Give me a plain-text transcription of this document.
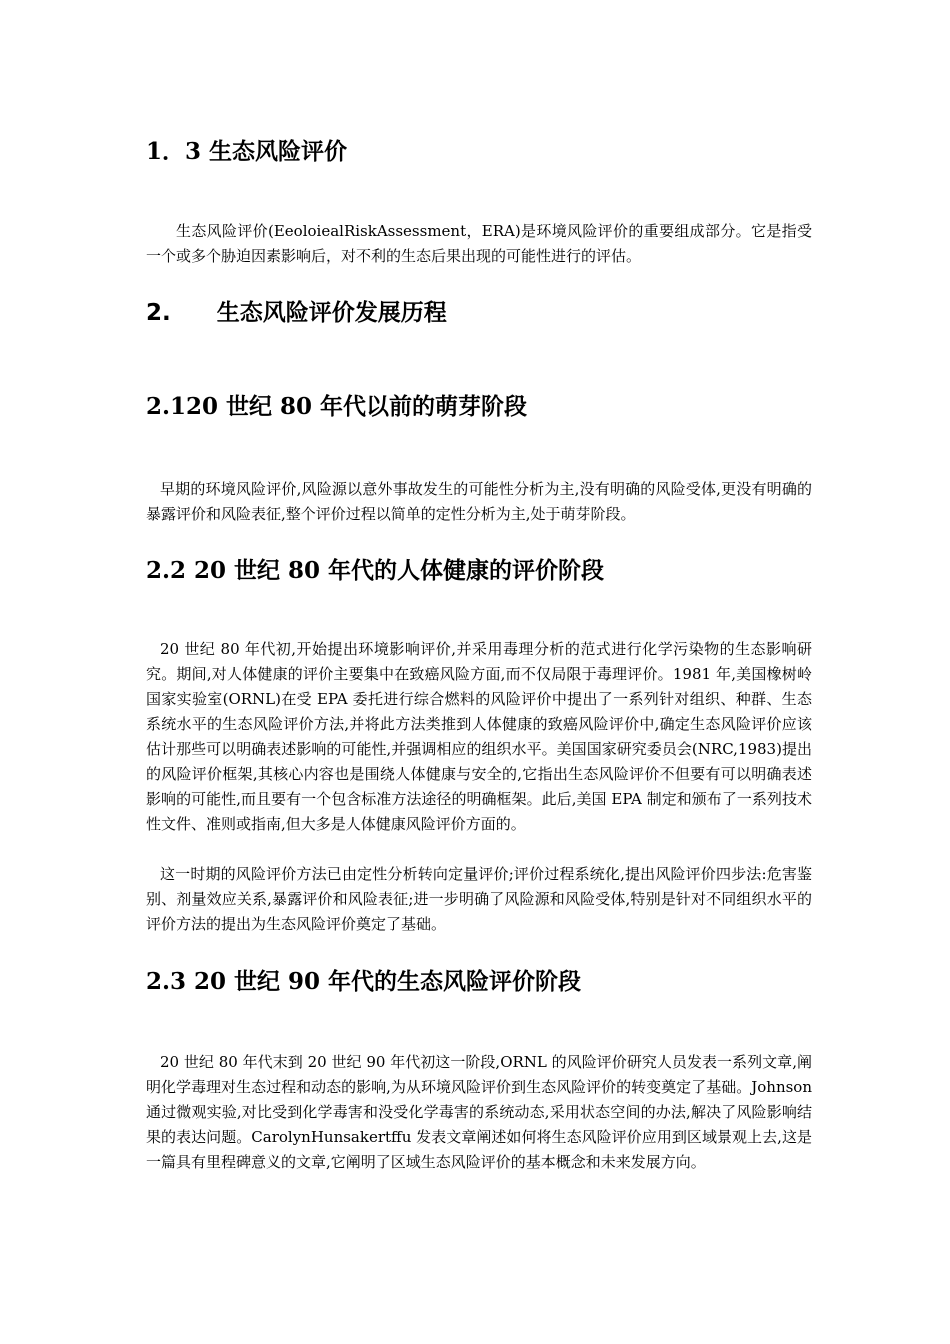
1．3 生态风险评价

生态风险评价(EeoloiealRiskAssessment，ERA)是环境风险评价的重要组成部分。它是指受一个或多个胁迫因素影响后，对不利的生态后果出现的可能性进行的评估。

2. 生态风险评价发展历程
2.120 世纪 80 年代以前的萌芽阶段

早期的环境风险评价,风险源以意外事故发生的可能性分析为主,没有明确的风险受体,更没有明确的暴露评价和风险表征,整个评价过程以简单的定性分析为主,处于萌芽阶段。

2.2 20 世纪 80 年代的人体健康的评价阶段

20 世纪 80 年代初,开始提出环境影响评价,并采用毒理分析的范式进行化学污染物的生态影响研究。期间,对人体健康的评价主要集中在致癌风险方面,而不仅局限于毒理评价。1981 年,美国橡树岭国家实验室(ORNL)在受 EPA 委托进行综合燃料的风险评价中提出了一系列针对组织、种群、生态系统水平的生态风险评价方法,并将此方法类推到人体健康的致癌风险评价中,确定生态风险评价应该估计那些可以明确表述影响的可能性,并强调相应的组织水平。美国国家研究委员会(NRC,1983)提出的风险评价框架,其核心内容也是围绕人体健康与安全的,它指出生态风险评价不但要有可以明确表述影响的可能性,而且要有一个包含标准方法途径的明确框架。此后,美国 EPA 制定和颁布了一系列技术性文件、准则或指南,但大多是人体健康风险评价方面的。

这一时期的风险评价方法已由定性分析转向定量评价;评价过程系统化,提出风险评价四步法:危害鉴别、剂量效应关系,暴露评价和风险表征;进一步明确了风险源和风险受体,特别是针对不同组织水平的评价方法的提出为生态风险评价奠定了基础。

2.3 20 世纪 90 年代的生态风险评价阶段

20 世纪 80 年代末到 20 世纪 90 年代初这一阶段,ORNL 的风险评价研究人员发表一系列文章,阐明化学毒理对生态过程和动态的影响,为从环境风险评价到生态风险评价的转变奠定了基础。Johnson 通过微观实验,对比受到化学毒害和没受化学毒害的系统动态,采用状态空间的办法,解决了风险影响结果的表达问题。CarolynHunsakertffu 发表文章阐述如何将生态风险评价应用到区域景观上去,这是一篇具有里程碑意义的文章,它阐明了区域生态风险评价的基本概念和未来发展方向。
